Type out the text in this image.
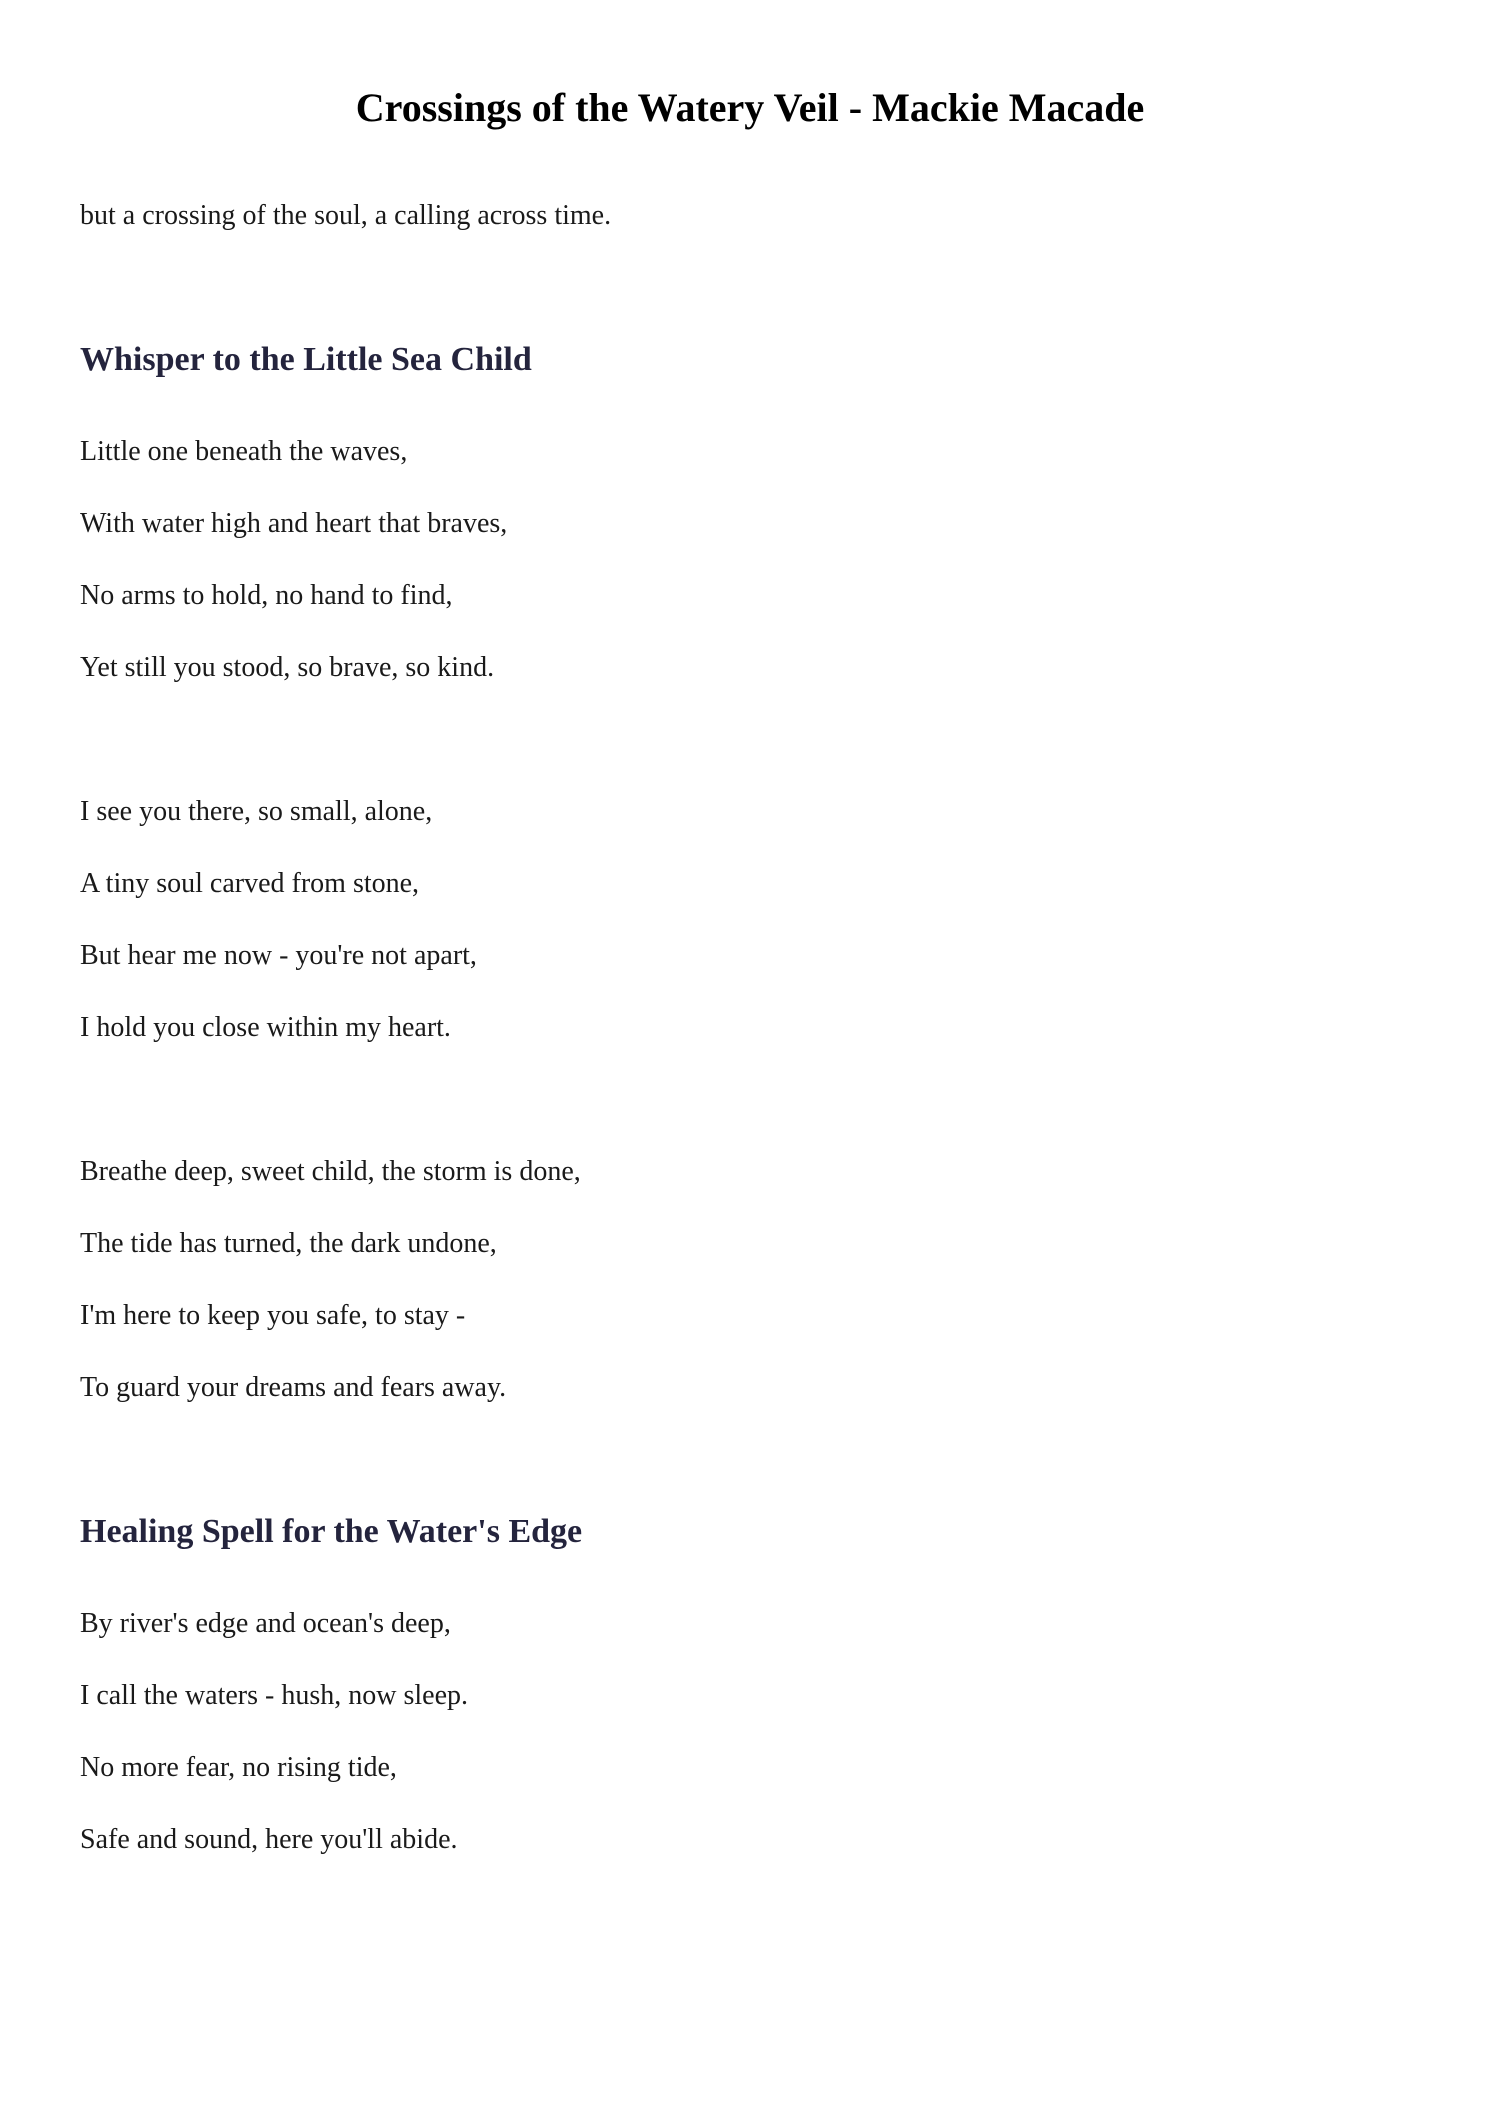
Crossings of the Watery Veil - Mackie Macade

but a crossing of the soul, a calling across time.

Whisper to the Little Sea Child

Little one beneath the waves,

With water high and heart that braves,

No arms to hold, no hand to find,

Yet still you stood, so brave, so kind.

I see you there, so small, alone,

A tiny soul carved from stone,

But hear me now - you're not apart,

I hold you close within my heart.

Breathe deep, sweet child, the storm is done,

The tide has turned, the dark undone,

I'm here to keep you safe, to stay -

To guard your dreams and fears away.

Healing Spell for the Water's Edge

By river's edge and ocean's deep,

I call the waters - hush, now sleep.

No more fear, no rising tide,

Safe and sound, here you'll abide.
